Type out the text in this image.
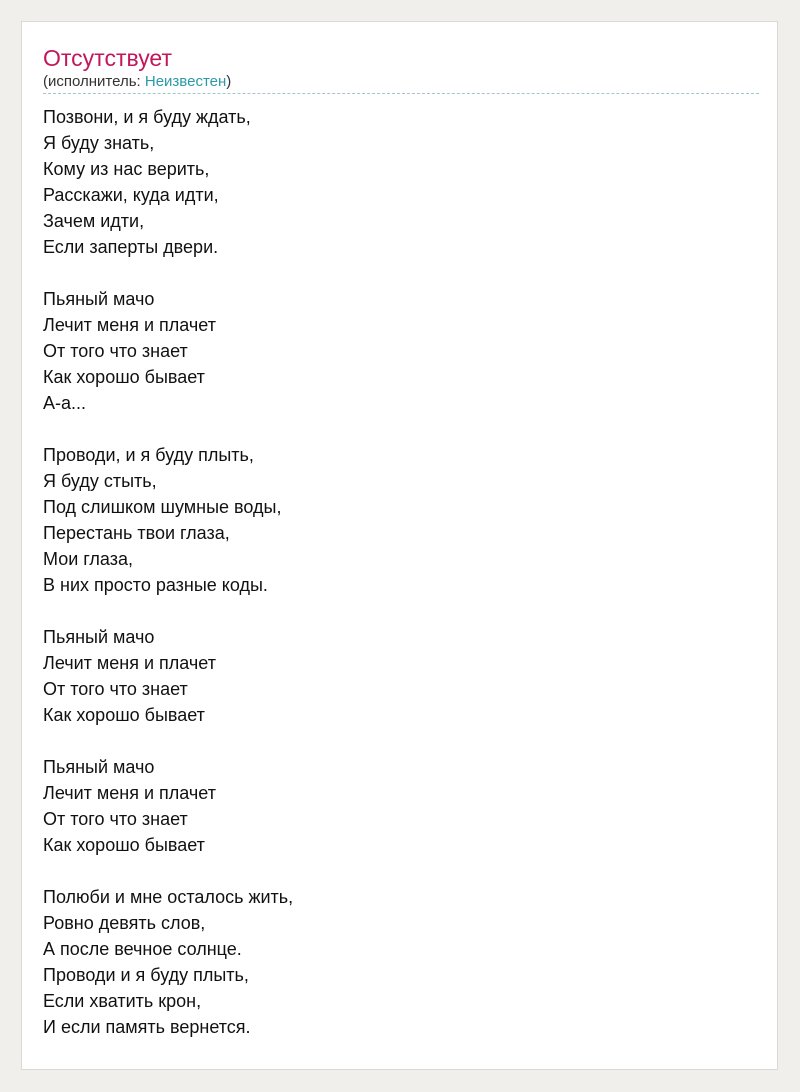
Отсутствует
(исполнитель: Неизвестен)
Позвони, и я буду ждать,
Я буду знать,
Кому из нас верить,
Расскажи, куда идти,
Зачем идти,
Если заперты двери.
Пьяный мачо
Лечит меня и плачет
От того что знает
Как хорошо бывает
А-а...
Проводи, и я буду плыть,
Я буду стыть,
Под слишком шумные воды,
Перестань твои глаза,
Мои глаза,
В них просто разные коды.
Пьяный мачо
Лечит меня и плачет
От того что знает
Как хорошо бывает
Пьяный мачо
Лечит меня и плачет
От того что знает
Как хорошо бывает
Полюби и мне осталось жить,
Ровно девять слов,
А после вечное солнце.
Проводи и я буду плыть,
Если хватить крон,
И если память вернется.
